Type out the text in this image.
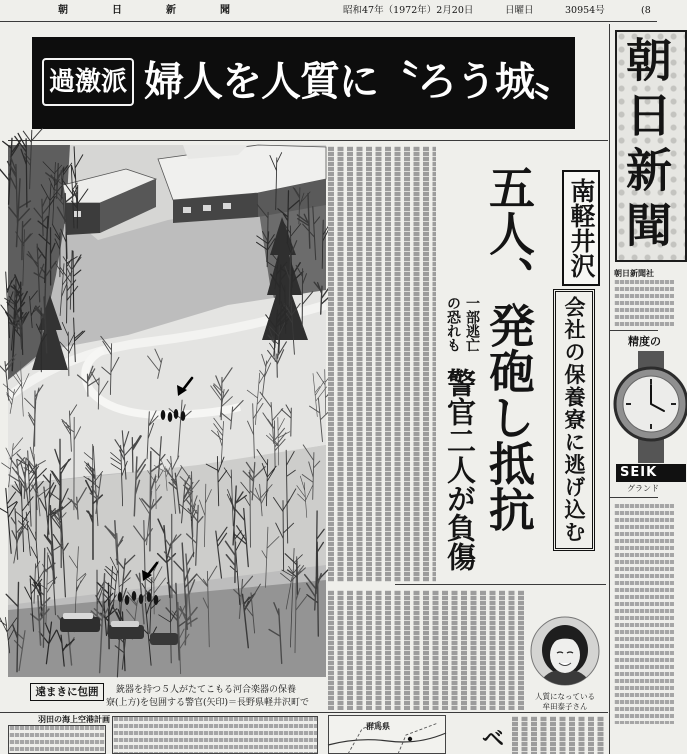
朝日新聞	昭和47年（1972年）2月20日	日曜日	30954号	(8
過激派 婦人を人質に〝ろう城〟 朝日新聞
朝日新聞社
精度の
SEIK
グランド
遠まきに包囲 銃器を持つ５人がたてこもる河合楽器の保養
寮(上方)を包囲する警官(矢印)＝長野県軽井沢町で
南軽井沢
会社の保養寮に逃げ込む
五人、発砲し抵抗
一部逃亡
の恐れも
警官二人が負傷
人質になっている
牟田泰子さん
羽田の海上空港計画
群馬県
ベ
